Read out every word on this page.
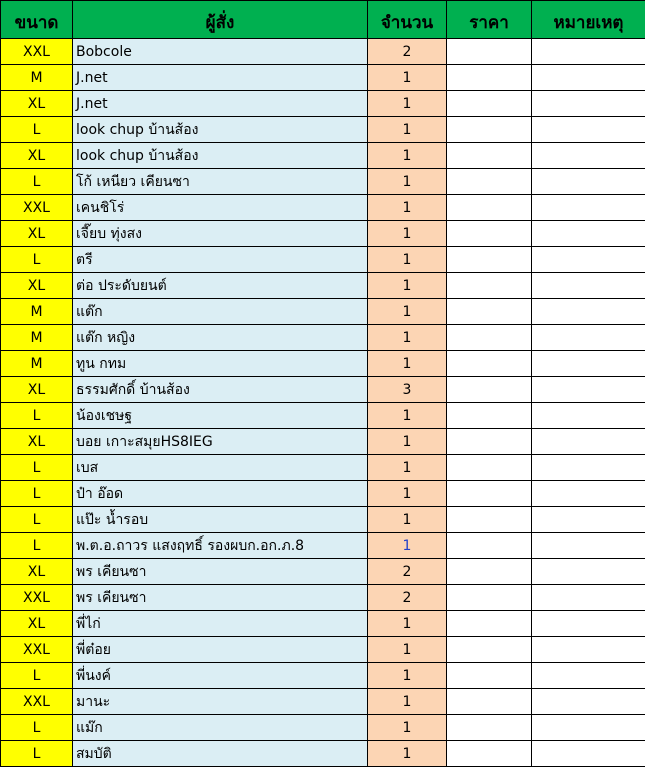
ขนาด	ผู้สั่ง	จำนวน	ราคา	หมายเหตุ
XXL	Bobcole	2		
M	J.net	1		
XL	J.net	1		
L	look chup บ้านส้อง	1		
XL	look chup บ้านส้อง	1		
L	โก้ เหนียว เคียนซา	1		
XXL	เคนชิโร่	1		
XL	เจี๊ยบ ทุ่งสง	1		
L	ตรี	1		
XL	ต่อ ประดับยนต์	1		
M	แต๊ก	1		
M	แต๊ก หญิง	1		
M	ทูน กทม	1		
XL	ธรรมศักดิ์ บ้านส้อง	3		
L	น้องเชษฐ	1		
XL	บอย เกาะสมุยHS8IEG	1		
L	เบส	1		
L	ป๋า อ๊อด	1		
L	แป๊ะ น้ำรอบ	1		
L	พ.ต.อ.ถาวร แสงฤทธิ์ รองผบก.อก.ภ.8	1		
XL	พร เคียนซา	2		
XXL	พร เคียนซา	2		
XL	พี่ไก่	1		
XXL	พี่ต๋อย	1		
L	พี่นงค์	1		
XXL	มานะ	1		
L	แม๊ก	1		
L	สมบัติ	1		
